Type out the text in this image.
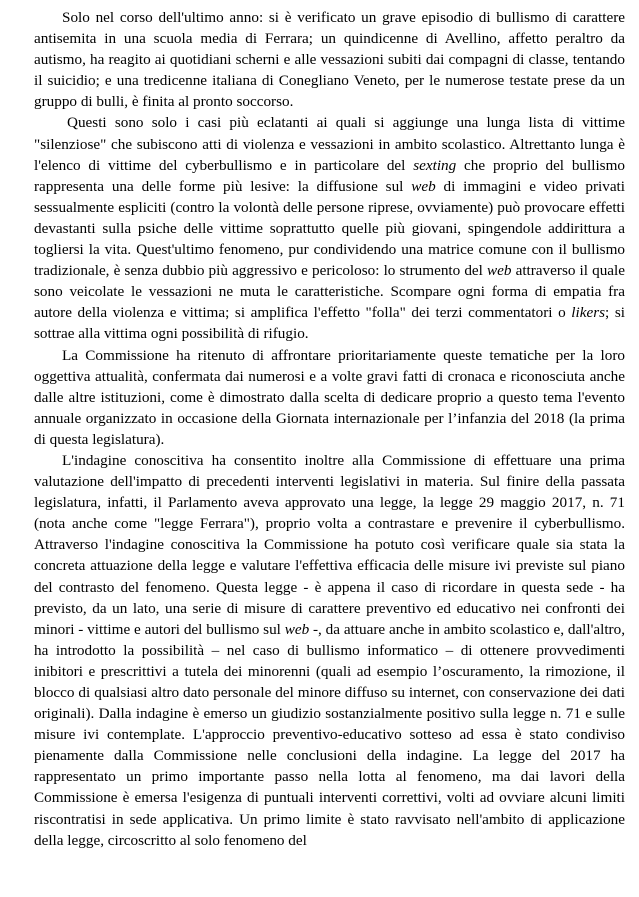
Solo nel corso dell'ultimo anno: si è verificato un grave episodio di bullismo di carattere antisemita in una scuola media di Ferrara; un quindicenne di Avellino, affetto peraltro da autismo, ha reagito ai quotidiani scherni e alle vessazioni subiti dai compagni di classe, tentando il suicidio; e una tredicenne italiana di Conegliano Veneto, per le numerose testate prese da un gruppo di bulli, è finita al pronto soccorso.

Questi sono solo i casi più eclatanti ai quali si aggiunge una lunga lista di vittime "silenziose" che subiscono atti di violenza e vessazioni in ambito scolastico. Altrettanto lunga è l'elenco di vittime del cyberbullismo e in particolare del sexting che proprio del bullismo rappresenta una delle forme più lesive: la diffusione sul web di immagini e video privati sessualmente espliciti (contro la volontà delle persone riprese, ovviamente) può provocare effetti devastanti sulla psiche delle vittime soprattutto quelle più giovani, spingendole addirittura a togliersi la vita. Quest'ultimo fenomeno, pur condividendo una matrice comune con il bullismo tradizionale, è senza dubbio più aggressivo e pericoloso: lo strumento del web attraverso il quale sono veicolate le vessazioni ne muta le caratteristiche. Scompare ogni forma di empatia fra autore della violenza e vittima; si amplifica l'effetto "folla" dei terzi commentatori o likers; si sottrae alla vittima ogni possibilità di rifugio.

La Commissione ha ritenuto di affrontare prioritariamente queste tematiche per la loro oggettiva attualità, confermata dai numerosi e a volte gravi fatti di cronaca e riconosciuta anche dalle altre istituzioni, come è dimostrato dalla scelta di dedicare proprio a questo tema l'evento annuale organizzato in occasione della Giornata internazionale per l’infanzia del 2018 (la prima di questa legislatura).

L'indagine conoscitiva ha consentito inoltre alla Commissione di effettuare una prima valutazione dell'impatto di precedenti interventi legislativi in materia. Sul finire della passata legislatura, infatti, il Parlamento aveva approvato una legge, la legge 29 maggio 2017, n. 71 (nota anche come "legge Ferrara"), proprio volta a contrastare e prevenire il cyberbullismo. Attraverso l'indagine conoscitiva la Commissione ha potuto così verificare quale sia stata la concreta attuazione della legge e valutare l'effettiva efficacia delle misure ivi previste sul piano del contrasto del fenomeno. Questa legge - è appena il caso di ricordare in questa sede - ha previsto, da un lato, una serie di misure di carattere preventivo ed educativo nei confronti dei minori - vittime e autori del bullismo sul web -, da attuare anche in ambito scolastico e, dall'altro, ha introdotto la possibilità – nel caso di bullismo informatico – di ottenere provvedimenti inibitori e prescrittivi a tutela dei minorenni (quali ad esempio l’oscuramento, la rimozione, il blocco di qualsiasi altro dato personale del minore diffuso su internet, con conservazione dei dati originali). Dalla indagine è emerso un giudizio sostanzialmente positivo sulla legge n. 71 e sulle misure ivi contemplate. L'approccio preventivo-educativo sotteso ad essa è stato condiviso pienamente dalla Commissione nelle conclusioni della indagine. La legge del 2017 ha rappresentato un primo importante passo nella lotta al fenomeno, ma dai lavori della Commissione è emersa l'esigenza di puntuali interventi correttivi, volti ad ovviare alcuni limiti riscontratisi in sede applicativa. Un primo limite è stato ravvisato nell'ambito di applicazione della legge, circoscritto al solo fenomeno del
